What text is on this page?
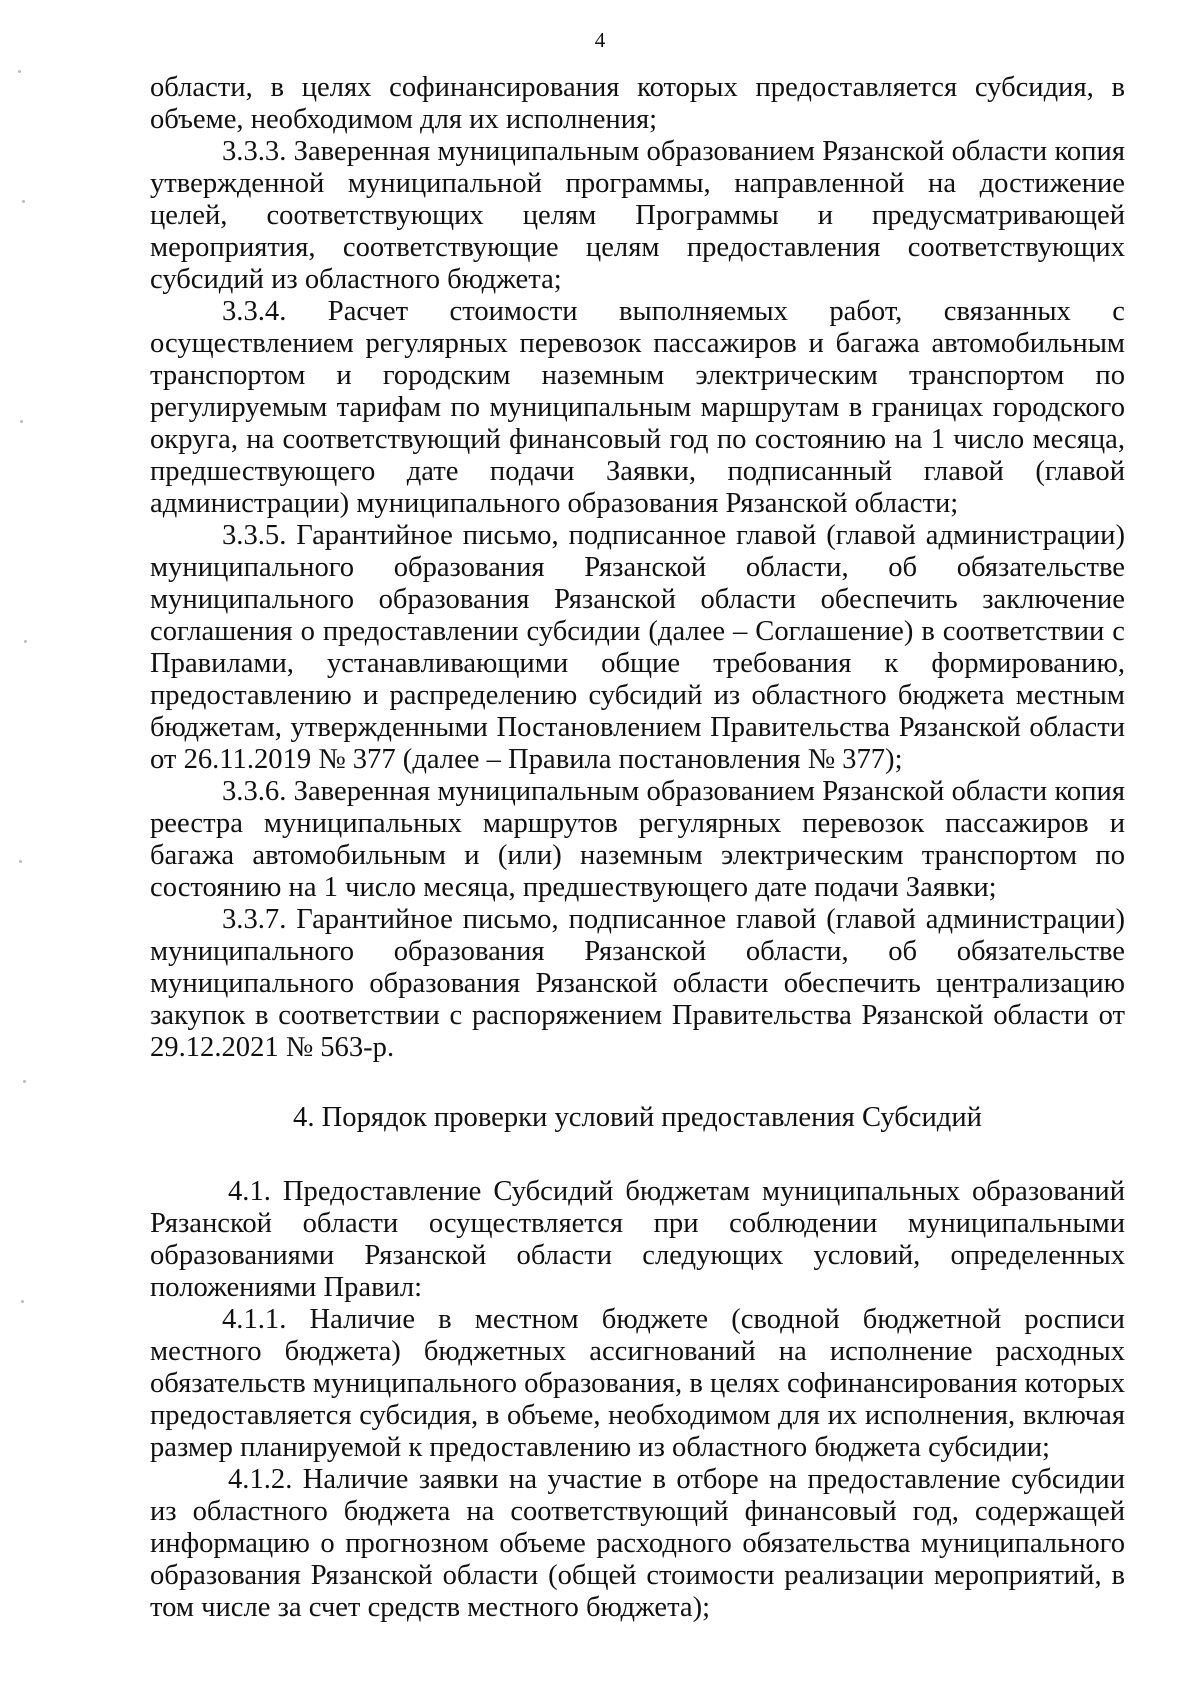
4

области, в целях софинансирования которых предоставляется субсидия, в объеме, необходимом для их исполнения;

3.3.3. Заверенная муниципальным образованием Рязанской области копия утвержденной муниципальной программы, направленной на достижение целей, соответствующих целям Программы и предусматривающей мероприятия, соответствующие целям предоставления соответствующих субсидий из областного бюджета;

3.3.4. Расчет стоимости выполняемых работ, связанных с осуществлением регулярных перевозок пассажиров и багажа автомобильным транспортом и городским наземным электрическим транспортом по регулируемым тарифам по муниципальным маршрутам в границах городского округа, на соответствующий финансовый год по состоянию на 1 число месяца, предшествующего дате подачи Заявки, подписанный главой (главой администрации) муниципального образования Рязанской области;

3.3.5. Гарантийное письмо, подписанное главой (главой администрации) муниципального образования Рязанской области, об обязательстве муниципального образования Рязанской области обеспечить заключение соглашения о предоставлении субсидии (далее – Соглашение) в соответствии с Правилами, устанавливающими общие требования к формированию, предоставлению и распределению субсидий из областного бюджета местным бюджетам, утвержденными Постановлением Правительства Рязанской области от 26.11.2019 № 377 (далее – Правила постановления № 377);

3.3.6. Заверенная муниципальным образованием Рязанской области копия реестра муниципальных маршрутов регулярных перевозок пассажиров и багажа автомобильным и (или) наземным электрическим транспортом по состоянию на 1 число месяца, предшествующего дате подачи Заявки;

3.3.7. Гарантийное письмо, подписанное главой (главой администрации) муниципального образования Рязанской области, об обязательстве муниципального образования Рязанской области обеспечить централизацию закупок в соответствии с распоряжением Правительства Рязанской области от 29.12.2021 № 563-р.

4. Порядок проверки условий предоставления Субсидий

4.1. Предоставление Субсидий бюджетам муниципальных образований Рязанской области осуществляется при соблюдении муниципальными образованиями Рязанской области следующих условий, определенных положениями Правил:

4.1.1. Наличие в местном бюджете (сводной бюджетной росписи местного бюджета) бюджетных ассигнований на исполнение расходных обязательств муниципального образования, в целях софинансирования которых предоставляется субсидия, в объеме, необходимом для их исполнения, включая размер планируемой к предоставлению из областного бюджета субсидии;

4.1.2. Наличие заявки на участие в отборе на предоставление субсидии из областного бюджета на соответствующий финансовый год, содержащей информацию о прогнозном объеме расходного обязательства муниципального образования Рязанской области (общей стоимости реализации мероприятий, в том числе за счет средств местного бюджета);
